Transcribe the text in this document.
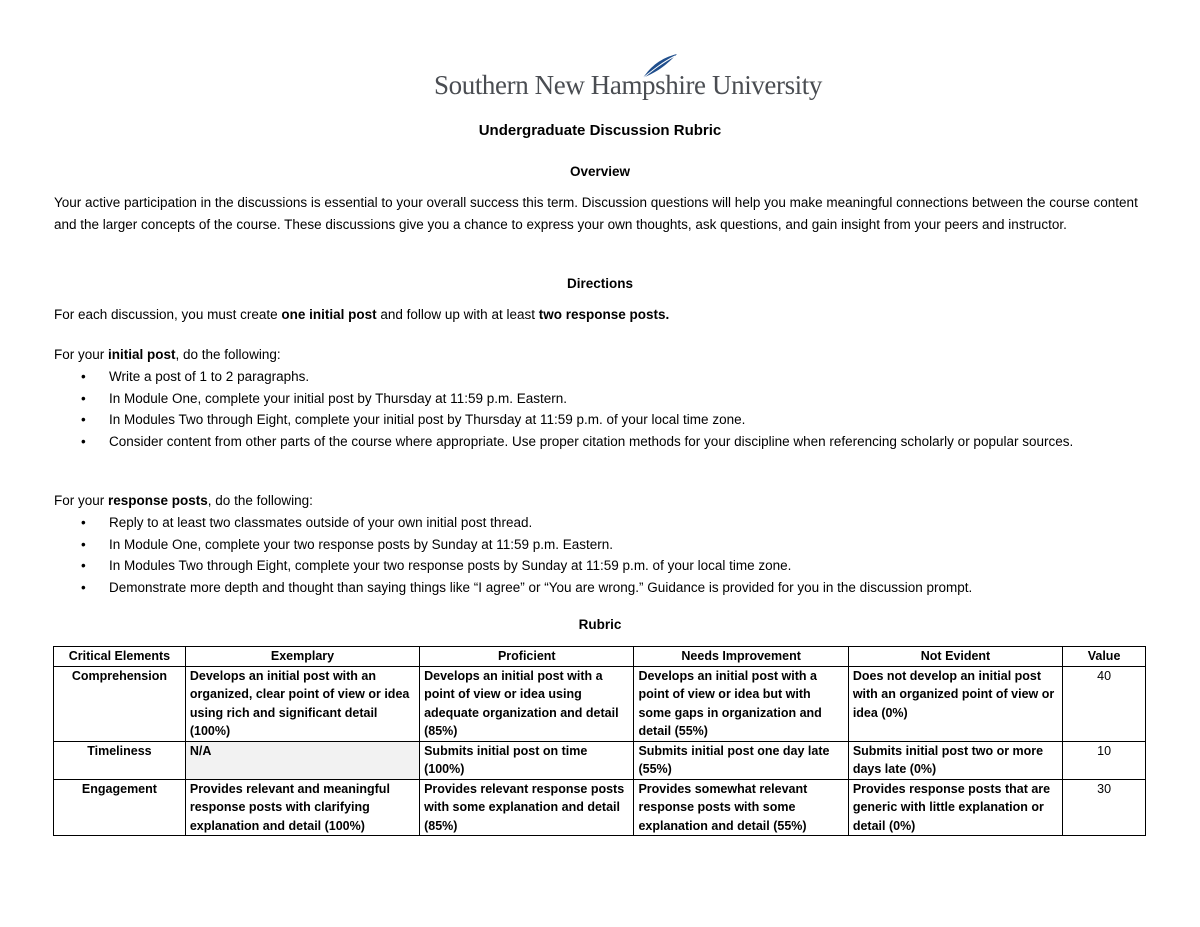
Southern New Hampshire University
Undergraduate Discussion Rubric
Overview
Your active participation in the discussions is essential to your overall success this term. Discussion questions will help you make meaningful connections between the course content and the larger concepts of the course. These discussions give you a chance to express your own thoughts, ask questions, and gain insight from your peers and instructor.
Directions
For each discussion, you must create one initial post and follow up with at least two response posts.
For your initial post, do the following:
• Write a post of 1 to 2 paragraphs.
• In Module One, complete your initial post by Thursday at 11:59 p.m. Eastern.
• In Modules Two through Eight, complete your initial post by Thursday at 11:59 p.m. of your local time zone.
• Consider content from other parts of the course where appropriate. Use proper citation methods for your discipline when referencing scholarly or popular sources.
For your response posts, do the following:
• Reply to at least two classmates outside of your own initial post thread.
• In Module One, complete your two response posts by Sunday at 11:59 p.m. Eastern.
• In Modules Two through Eight, complete your two response posts by Sunday at 11:59 p.m. of your local time zone.
• Demonstrate more depth and thought than saying things like “I agree” or “You are wrong.” Guidance is provided for you in the discussion prompt.
Rubric
Critical Elements	Exemplary	Proficient	Needs Improvement	Not Evident	Value
Comprehension	Develops an initial post with an organized, clear point of view or idea using rich and significant detail (100%)	Develops an initial post with a point of view or idea using adequate organization and detail (85%)	Develops an initial post with a point of view or idea but with some gaps in organization and detail (55%)	Does not develop an initial post with an organized point of view or idea (0%)	40
Timeliness	N/A	Submits initial post on time (100%)	Submits initial post one day late (55%)	Submits initial post two or more days late (0%)	10
Engagement	Provides relevant and meaningful response posts with clarifying explanation and detail (100%)	Provides relevant response posts with some explanation and detail (85%)	Provides somewhat relevant response posts with some explanation and detail (55%)	Provides response posts that are generic with little explanation or detail (0%)	30
